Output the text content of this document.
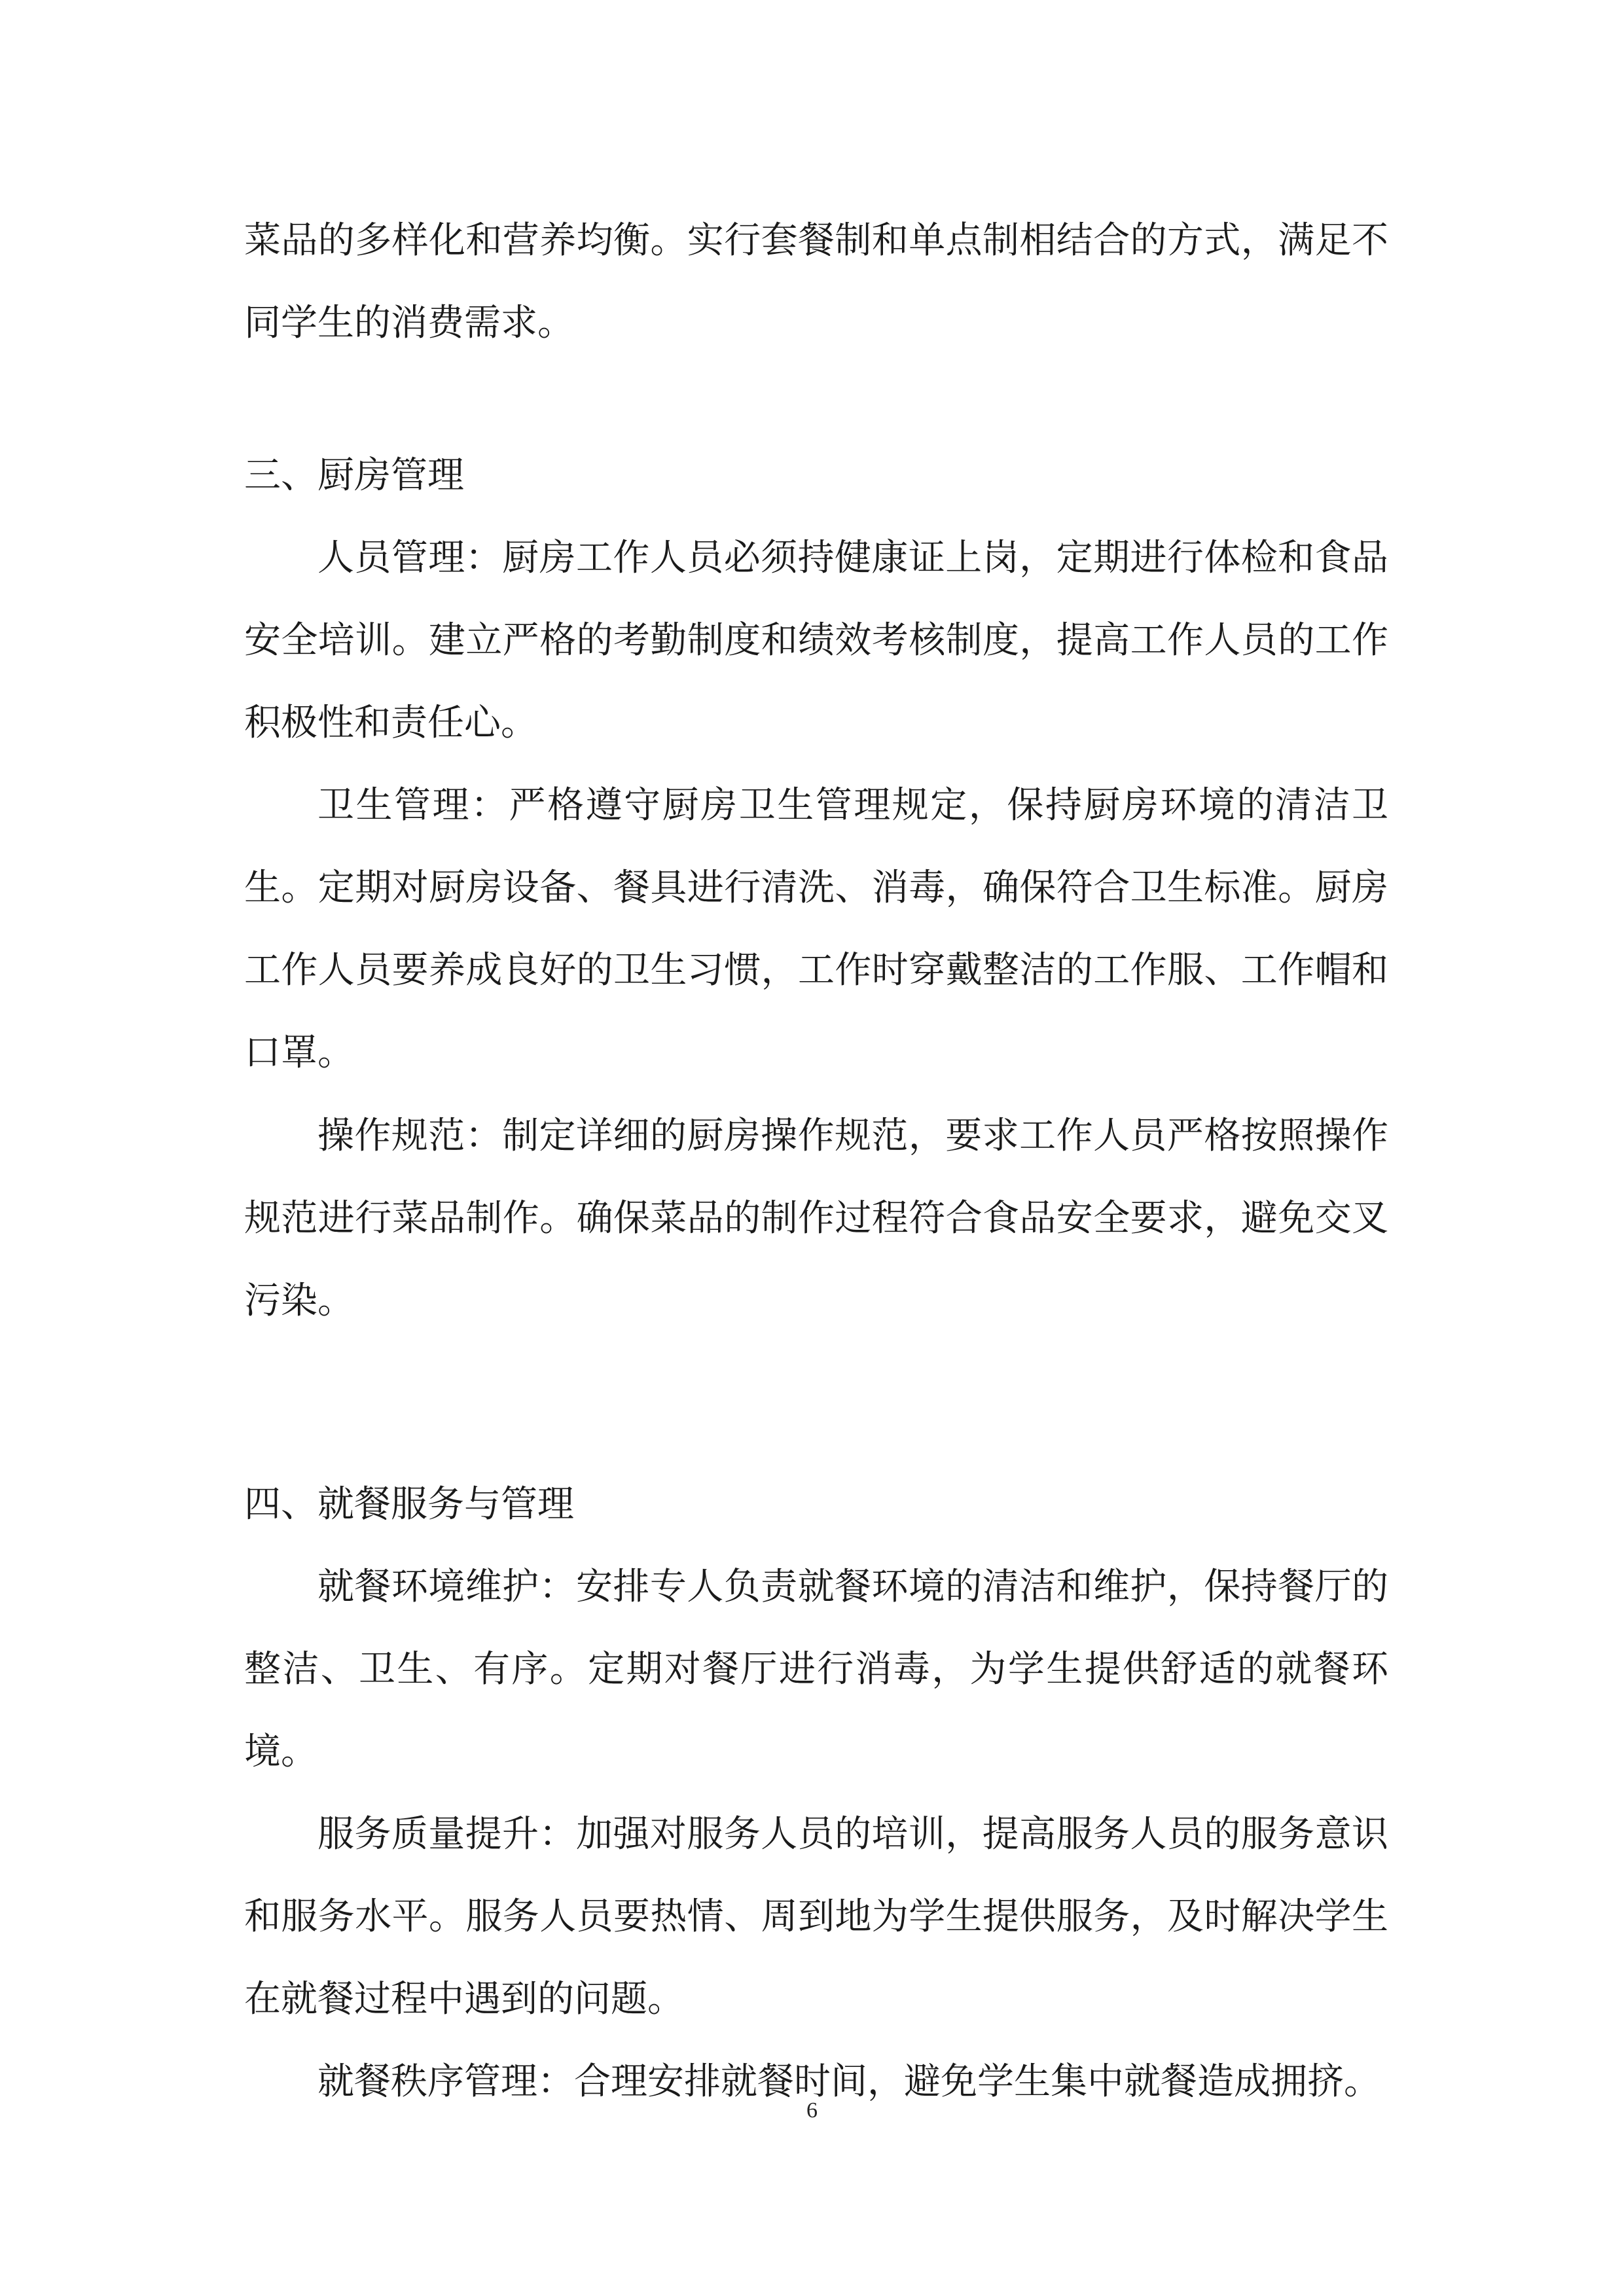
菜品的多样化和营养均衡。实行套餐制和单点制相结合的方式，满足不同学生的消费需求。

三、厨房管理

人员管理：厨房工作人员必须持健康证上岗，定期进行体检和食品安全培训。建立严格的考勤制度和绩效考核制度，提高工作人员的工作积极性和责任心。

卫生管理：严格遵守厨房卫生管理规定，保持厨房环境的清洁卫生。定期对厨房设备、餐具进行清洗、消毒，确保符合卫生标准。厨房工作人员要养成良好的卫生习惯，工作时穿戴整洁的工作服、工作帽和口罩。

操作规范：制定详细的厨房操作规范，要求工作人员严格按照操作规范进行菜品制作。确保菜品的制作过程符合食品安全要求，避免交叉污染。

四、就餐服务与管理

就餐环境维护：安排专人负责就餐环境的清洁和维护，保持餐厅的整洁、卫生、有序。定期对餐厅进行消毒，为学生提供舒适的就餐环境。

服务质量提升：加强对服务人员的培训，提高服务人员的服务意识和服务水平。服务人员要热情、周到地为学生提供服务，及时解决学生在就餐过程中遇到的问题。

就餐秩序管理：合理安排就餐时间，避免学生集中就餐造成拥挤。

6
